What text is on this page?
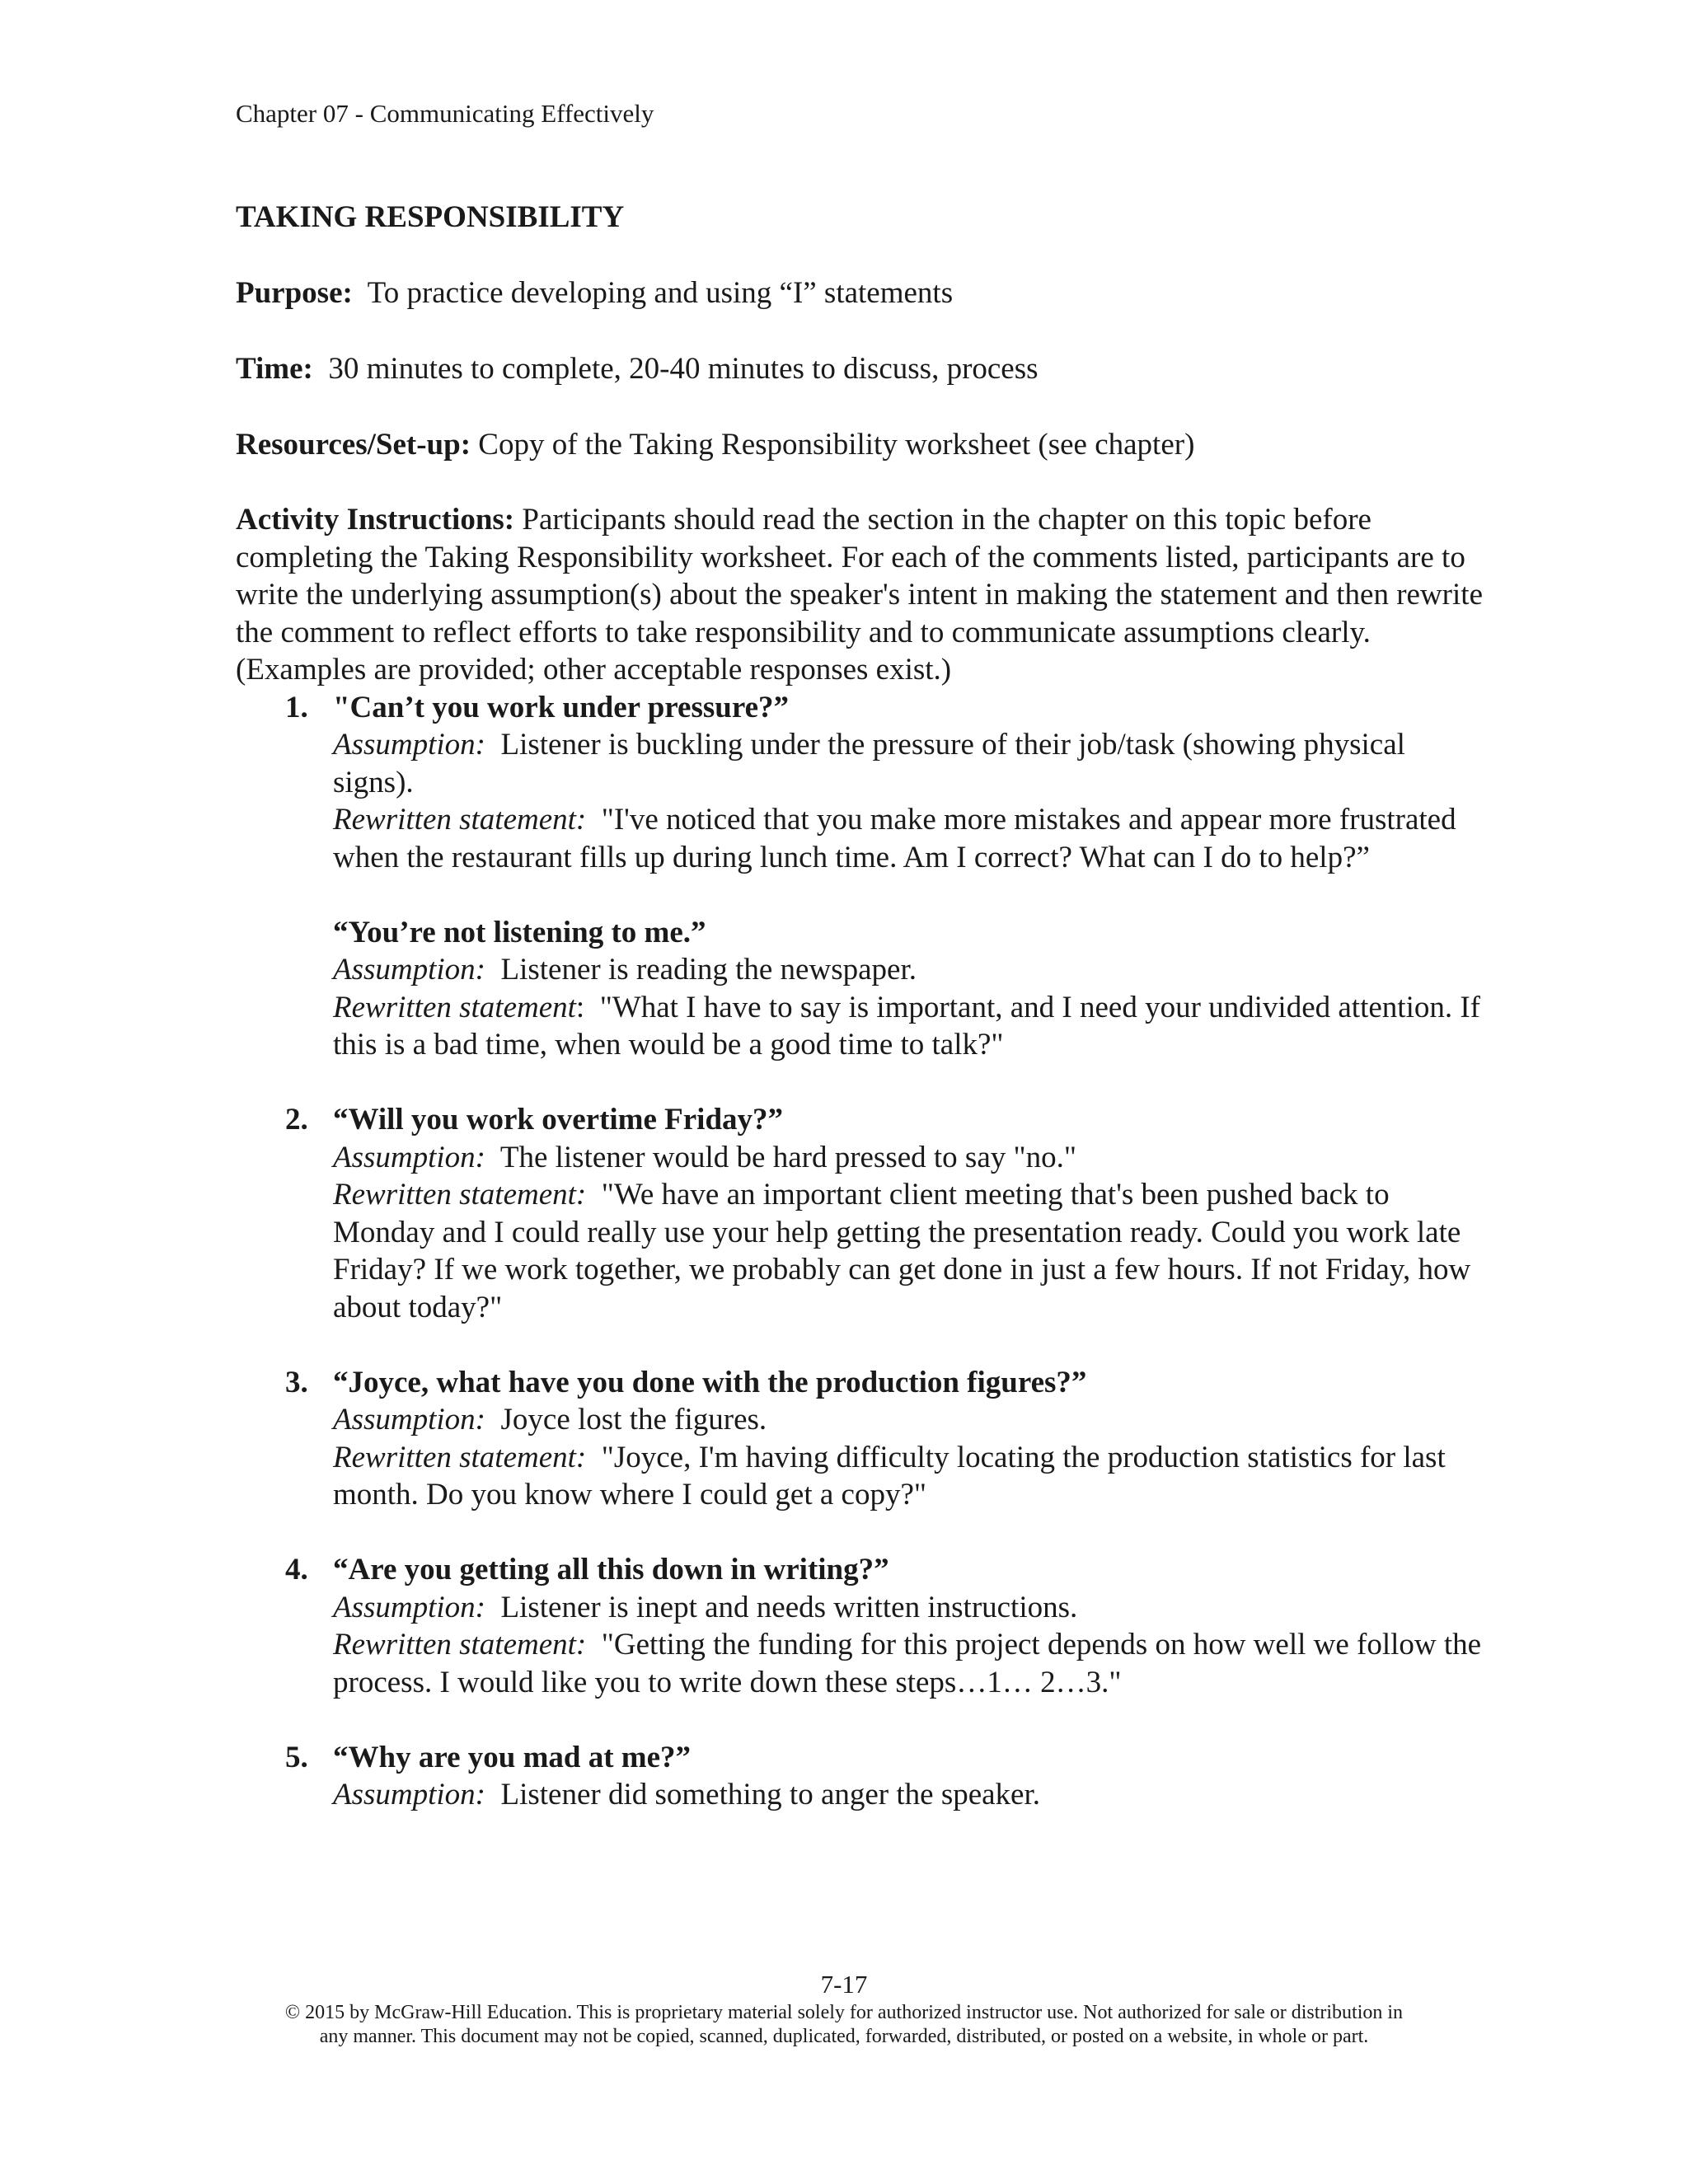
Chapter 07 - Communicating Effectively
TAKING RESPONSIBILITY

Purpose: To practice developing and using “I” statements

Time: 30 minutes to complete, 20-40 minutes to discuss, process

Resources/Set-up: Copy of the Taking Responsibility worksheet (see chapter)

Activity Instructions: Participants should read the section in the chapter on this topic before completing the Taking Responsibility worksheet. For each of the comments listed, participants are to write the underlying assumption(s) about the speaker's intent in making the statement and then rewrite the comment to reflect efforts to take responsibility and to communicate assumptions clearly. (Examples are provided; other acceptable responses exist.)

1. "Can’t you work under pressure?”
Assumption: Listener is buckling under the pressure of their job/task (showing physical signs).
Rewritten statement: "I've noticed that you make more mistakes and appear more frustrated when the restaurant fills up during lunch time. Am I correct? What can I do to help?”
“You’re not listening to me.”
Assumption: Listener is reading the newspaper.
Rewritten statement: "What I have to say is important, and I need your undivided attention. If this is a bad time, when would be a good time to talk?"
2. “Will you work overtime Friday?”
Assumption: The listener would be hard pressed to say "no."
Rewritten statement: "We have an important client meeting that's been pushed back to Monday and I could really use your help getting the presentation ready. Could you work late Friday? If we work together, we probably can get done in just a few hours. If not Friday, how about today?"
3. “Joyce, what have you done with the production figures?”
Assumption: Joyce lost the figures.
Rewritten statement: "Joyce, I'm having difficulty locating the production statistics for last month. Do you know where I could get a copy?"
4. “Are you getting all this down in writing?”
Assumption: Listener is inept and needs written instructions.
Rewritten statement: "Getting the funding for this project depends on how well we follow the process. I would like you to write down these steps…1… 2…3."
5. “Why are you mad at me?”
Assumption: Listener did something to anger the speaker.
7-17
© 2015 by McGraw-Hill Education. This is proprietary material solely for authorized instructor use. Not authorized for sale or distribution in
any manner. This document may not be copied, scanned, duplicated, forwarded, distributed, or posted on a website, in whole or part.
